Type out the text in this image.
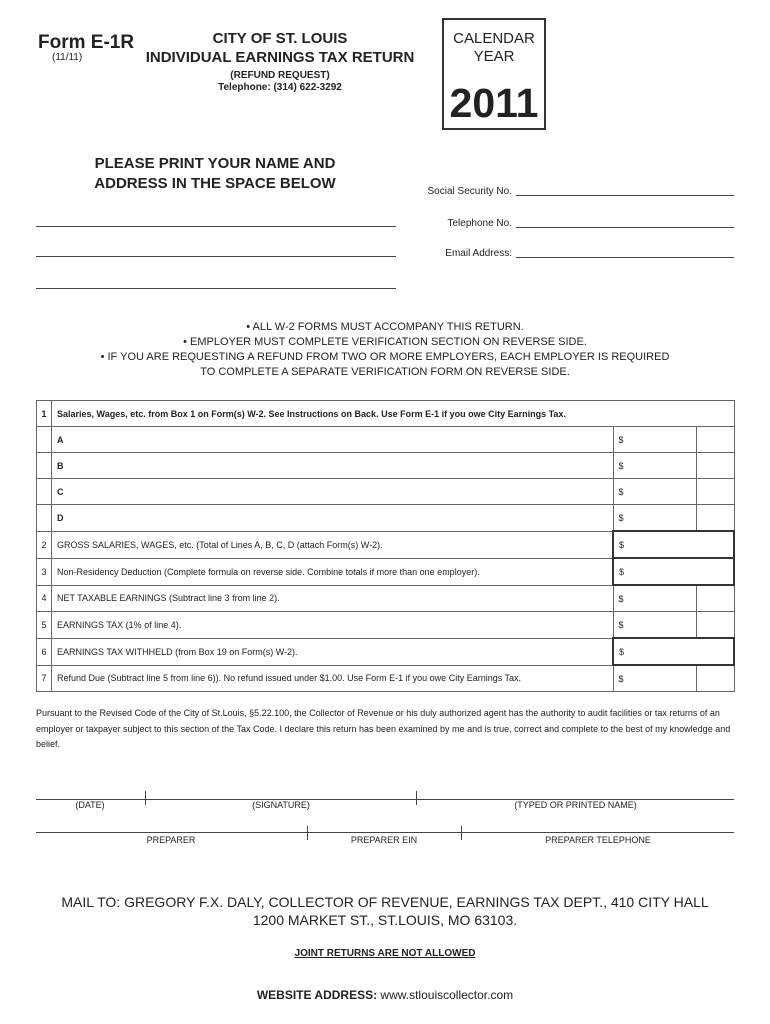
Form E-1R
(11/11)
CITY OF ST. LOUIS
INDIVIDUAL EARNINGS TAX RETURN
(REFUND REQUEST)
Telephone: (314) 622-3292
CALENDAR
YEAR
2011
PLEASE PRINT YOUR NAME AND
ADDRESS IN THE SPACE BELOW	Social Security No.
Telephone No.
Email Address:
• ALL W-2 FORMS MUST ACCOMPANY THIS RETURN.
• EMPLOYER MUST COMPLETE VERIFICATION SECTION ON REVERSE SIDE.
• IF YOU ARE REQUESTING A REFUND FROM TWO OR MORE EMPLOYERS, EACH EMPLOYER IS REQUIRED
TO COMPLETE A SEPARATE VERIFICATION FORM ON REVERSE SIDE.
1	Salaries, Wages, etc. from Box 1 on Form(s) W-2. See Instructions on Back. Use Form E-1 if you owe City Earnings Tax.		
	A	$	
	B	$	
	C	$	
	D	$	
2	GROSS SALARIES, WAGES, etc. (Total of Lines A, B, C, D (attach Form(s) W-2).	$	
3	Non-Residency Deduction (Complete formula on reverse side. Combine totals if more than one employer).	$	
4	NET TAXABLE EARNINGS (Subtract line 3 from line 2).	$	
5	EARNINGS TAX (1% of line 4).	$	
6	EARNINGS TAX WITHHELD (from Box 19 on Form(s) W-2).	$	
7	Refund Due (Subtract line 5 from line 6)). No refund issued under $1.00. Use Form E-1 if you owe City Earnings Tax.	$	
Pursuant to the Revised Code of the City of St.Louis, §5.22.100, the Collector of Revenue or his duly authorized agent has the authority to audit facilities or tax returns of an employer or taxpayer subject to this section of the Tax Code. I declare this return has been examined by me and is true, correct and complete to the best of my knowledge and belief.
(DATE)	(SIGNATURE)	(TYPED OR PRINTED NAME)
PREPARER	PREPARER EIN	PREPARER TELEPHONE
MAIL TO: GREGORY F.X. DALY, COLLECTOR OF REVENUE, EARNINGS TAX DEPT., 410 CITY HALL
1200 MARKET ST., ST.LOUIS, MO 63103.
JOINT RETURNS ARE NOT ALLOWED
WEBSITE ADDRESS: www.stlouiscollector.com
